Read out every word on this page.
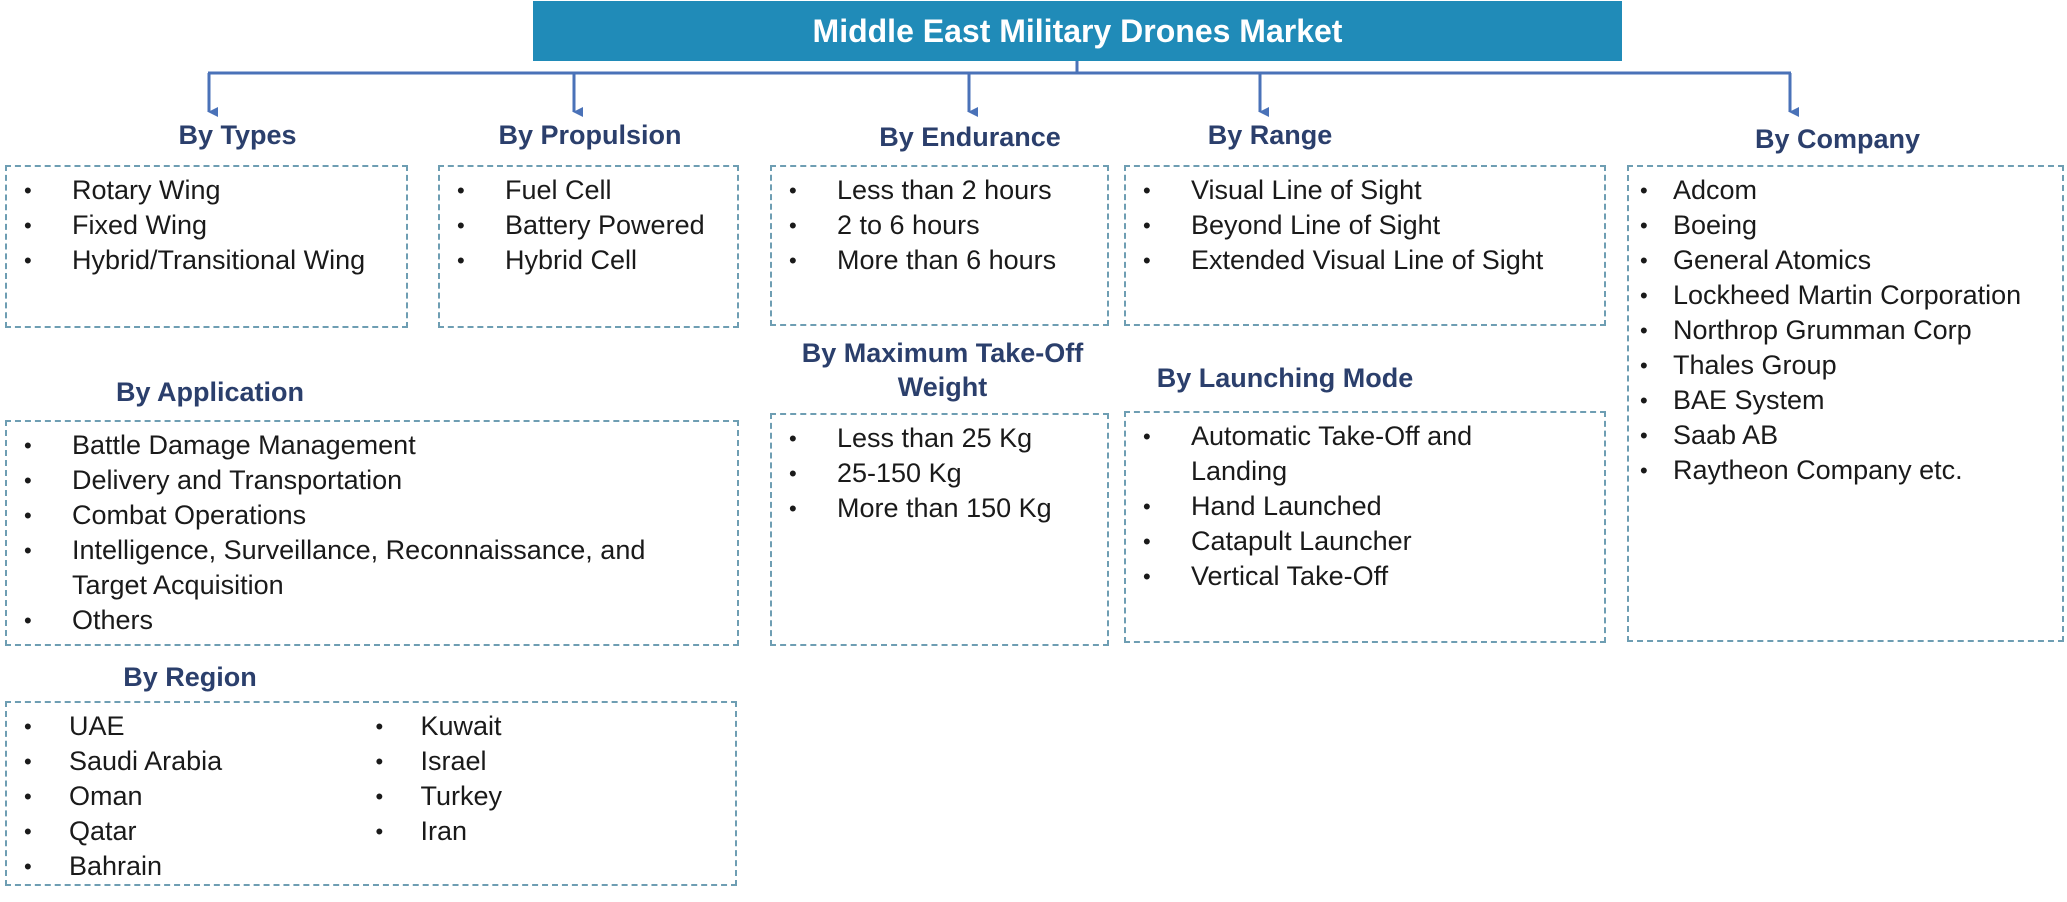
Middle East Military Drones Market
By Types
• Rotary Wing
• Fixed Wing
• Hybrid/Transitional Wing
By Propulsion
• Fuel Cell
• Battery Powered
• Hybrid Cell
By Endurance
• Less than 2 hours
• 2 to 6 hours
• More than 6 hours
By Range
• Visual Line of Sight
• Beyond Line of Sight
• Extended Visual Line of Sight
By Company
• Adcom
• Boeing
• General Atomics
• Lockheed Martin Corporation
• Northrop Grumman Corp
• Thales Group
• BAE System
• Saab AB
• Raytheon Company etc.
By Application
• Battle Damage Management
• Delivery and Transportation
• Combat Operations
• Intelligence, Surveillance, Reconnaissance, and Target Acquisition
• Others
By Maximum Take-Off Weight
• Less than 25 Kg
• 25-150 Kg
• More than 150 Kg
By Launching Mode
• Automatic Take-Off and Landing
• Hand Launched
• Catapult Launcher
• Vertical Take-Off
By Region
• UAE
• Saudi Arabia
• Oman
• Qatar
• Bahrain
• Kuwait
• Israel
• Turkey
• Iran
